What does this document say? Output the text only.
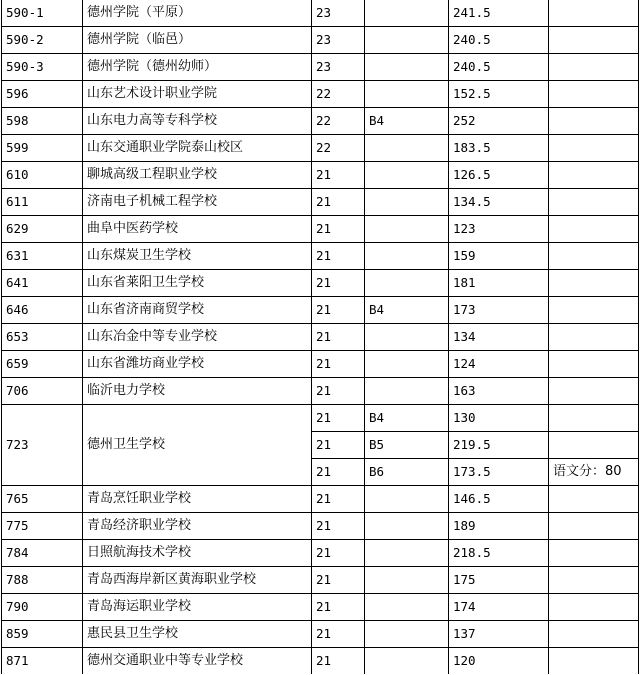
590-1	德州学院（平原）	23		241.5	
590-2	德州学院（临邑）	23		240.5	
590-3	德州学院（德州幼师）	23		240.5	
596	山东艺术设计职业学院	22		152.5	
598	山东电力高等专科学校	22	B4	252	
599	山东交通职业学院泰山校区	22		183.5	
610	聊城高级工程职业学校	21		126.5	
611	济南电子机械工程学校	21		134.5	
629	曲阜中医药学校	21		123	
631	山东煤炭卫生学校	21		159	
641	山东省莱阳卫生学校	21		181	
646	山东省济南商贸学校	21	B4	173	
653	山东冶金中等专业学校	21		134	
659	山东省潍坊商业学校	21		124	
706	临沂电力学校	21		163	
723	德州卫生学校	21	B4	130	
		21	B5	219.5	
		21	B6	173.5	语文分：80
765	青岛烹饪职业学校	21		146.5	
775	青岛经济职业学校	21		189	
784	日照航海技术学校	21		218.5	
788	青岛西海岸新区黄海职业学校	21		175	
790	青岛海运职业学校	21		174	
859	惠民县卫生学校	21		137	
871	德州交通职业中等专业学校	21		120	
